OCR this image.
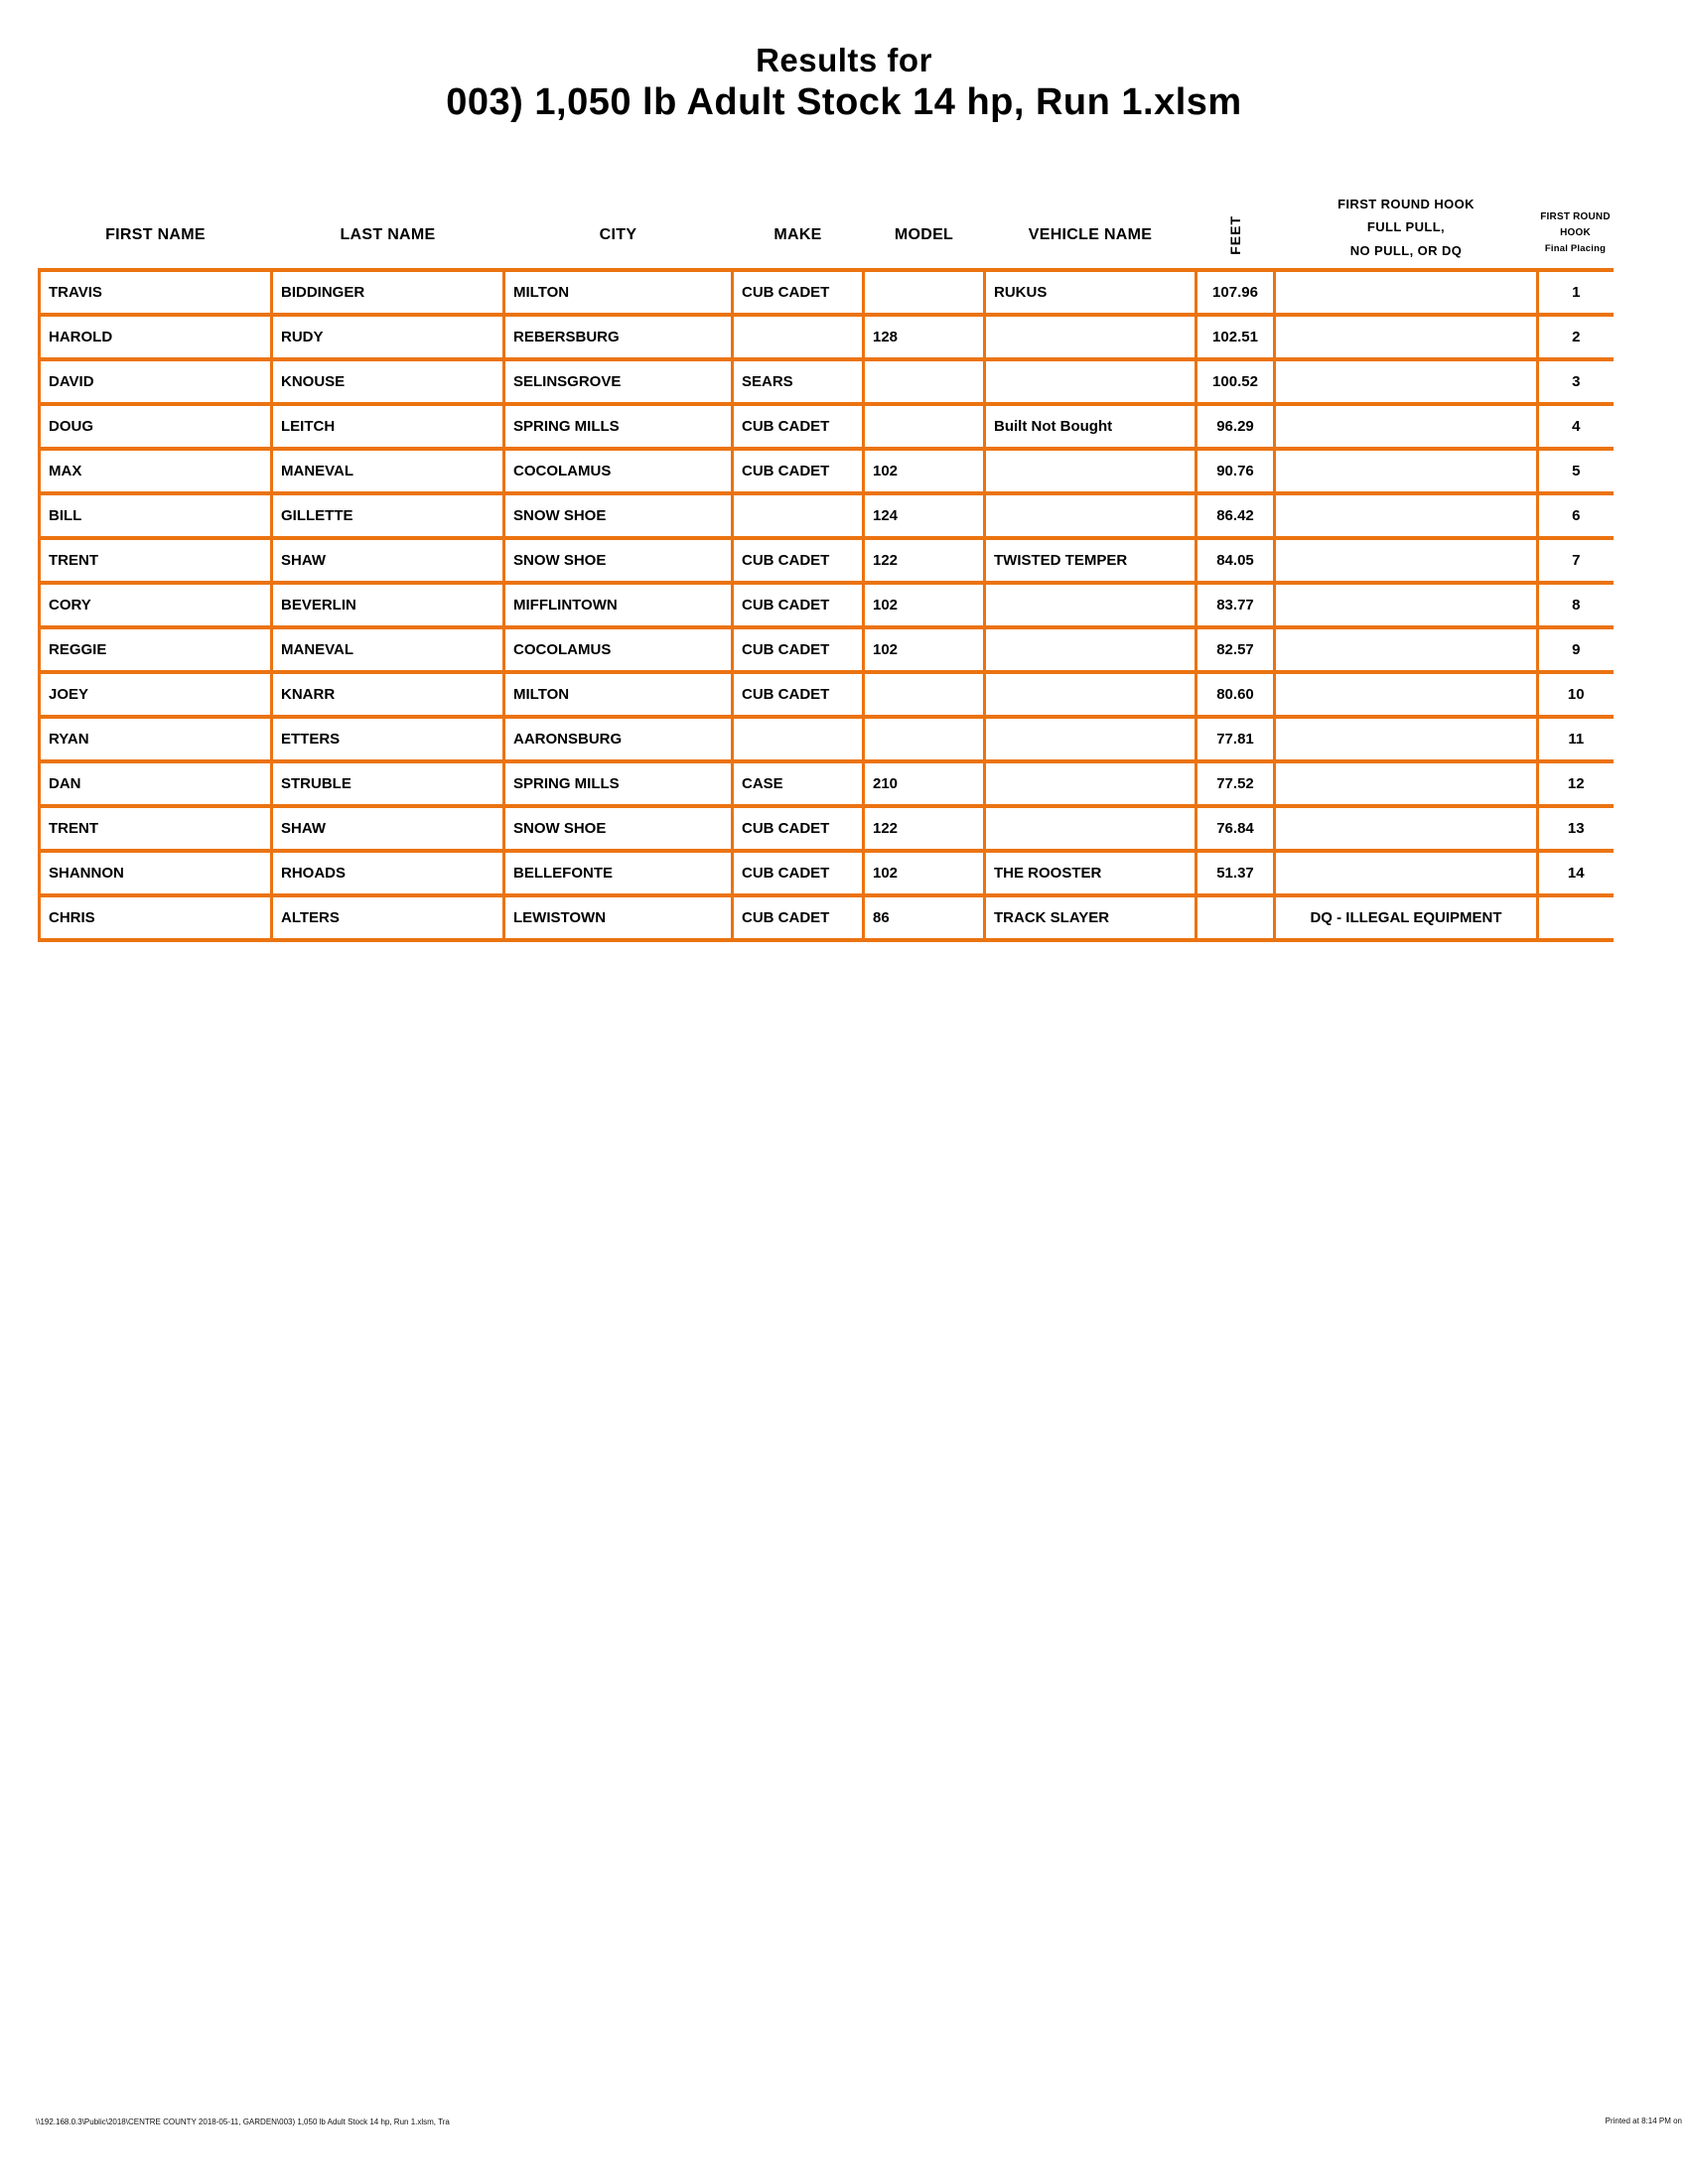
Results for
003) 1,050 lb Adult Stock 14 hp, Run 1.xlsm
FIRST NAME	LAST NAME	CITY	MAKE	MODEL	VEHICLE NAME	FEET	
FIRST ROUND HOOK
FULL PULL,
NO PULL, OR DQ

FIRST ROUND
HOOK
Final Placing

TRAVIS	BIDDINGER	MILTON	CUB CADET		RUKUS	107.96		1
HAROLD	RUDY	REBERSBURG		128		102.51		2
DAVID	KNOUSE	SELINSGROVE	SEARS			100.52		3
DOUG	LEITCH	SPRING MILLS	CUB CADET		Built Not Bought	96.29		4
MAX	MANEVAL	COCOLAMUS	CUB CADET	102		90.76		5
BILL	GILLETTE	SNOW SHOE		124		86.42		6
TRENT	SHAW	SNOW SHOE	CUB CADET	122	TWISTED TEMPER	84.05		7
CORY	BEVERLIN	MIFFLINTOWN	CUB CADET	102		83.77		8
REGGIE	MANEVAL	COCOLAMUS	CUB CADET	102		82.57		9
JOEY	KNARR	MILTON	CUB CADET			80.60		10
RYAN	ETTERS	AARONSBURG				77.81		11
DAN	STRUBLE	SPRING MILLS	CASE	210		77.52		12
TRENT	SHAW	SNOW SHOE	CUB CADET	122		76.84		13
SHANNON	RHOADS	BELLEFONTE	CUB CADET	102	THE ROOSTER	51.37		14
CHRIS	ALTERS	LEWISTOWN	CUB CADET	86	TRACK SLAYER		DQ - ILLEGAL EQUIPMENT	
\\192.168.0.3\Public\2018\CENTRE COUNTY 2018-05-11, GARDEN\003) 1,050 lb Adult Stock 14 hp, Run 1.xlsm, Tra	Printed at 8:14 PM on
